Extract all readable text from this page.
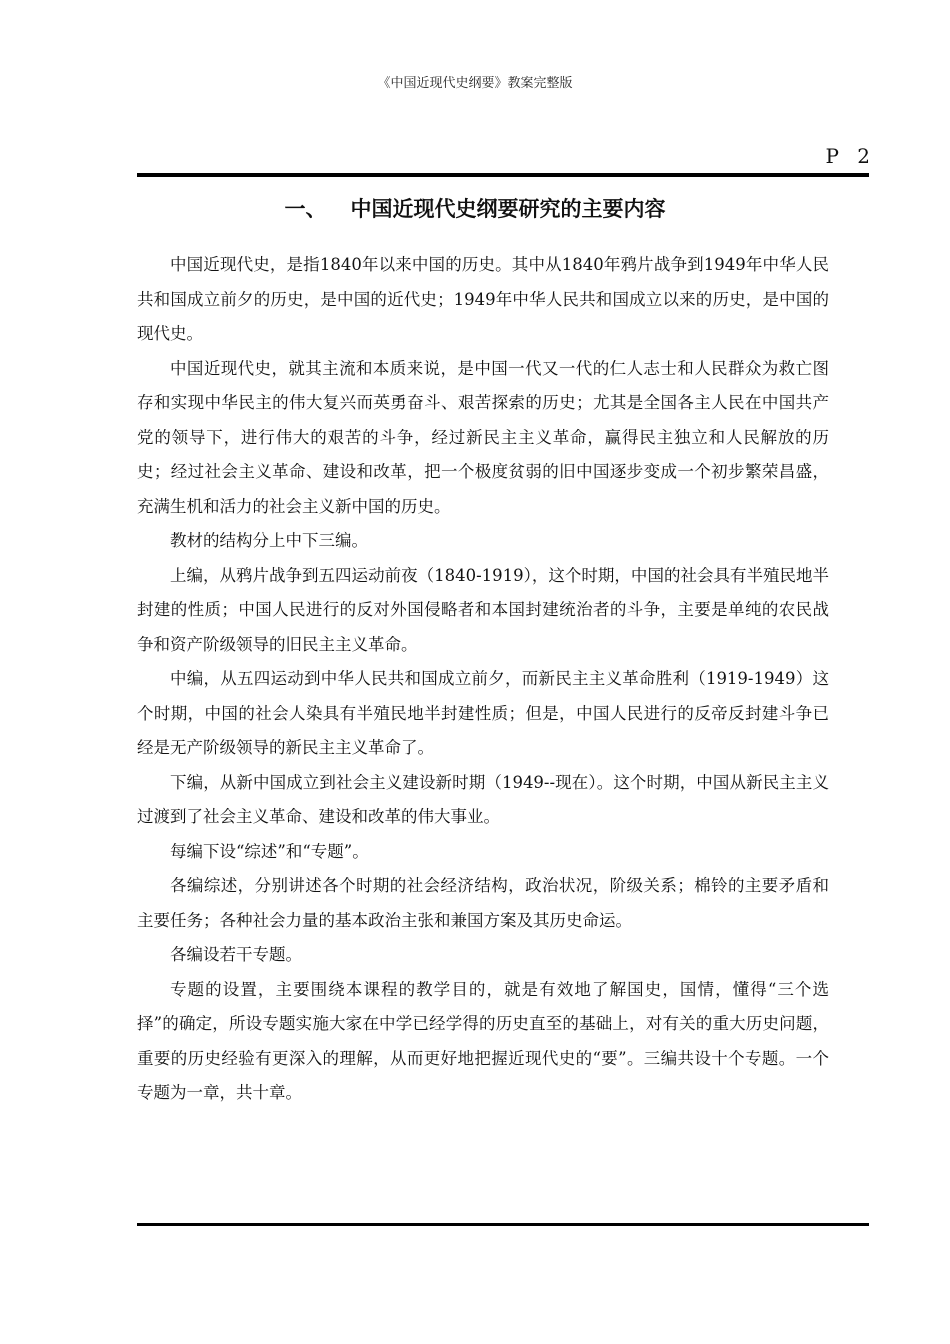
《中国近现代史纲要》教案完整版
P 2
一、 中国近现代史纲要研究的主要内容

中国近现代史，是指1840年以来中国的历史。其中从1840年鸦片战争到1949年中华人民共和国成立前夕的历史，是中国的近代史；1949年中华人民共和国成立以来的历史，是中国的现代史。

中国近现代史，就其主流和本质来说，是中国一代又一代的仁人志士和人民群众为救亡图存和实现中华民主的伟大复兴而英勇奋斗、艰苦探索的历史；尤其是全国各主人民在中国共产党的领导下，进行伟大的艰苦的斗争，经过新民主主义革命，赢得民主独立和人民解放的历史；经过社会主义革命、建设和改革，把一个极度贫弱的旧中国逐步变成一个初步繁荣昌盛，充满生机和活力的社会主义新中国的历史。

教材的结构分上中下三编。

上编，从鸦片战争到五四运动前夜（1840-1919），这个时期，中国的社会具有半殖民地半封建的性质；中国人民进行的反对外国侵略者和本国封建统治者的斗争，主要是单纯的农民战争和资产阶级领导的旧民主主义革命。

中编，从五四运动到中华人民共和国成立前夕，而新民主主义革命胜利（1919-1949）这个时期，中国的社会人染具有半殖民地半封建性质；但是，中国人民进行的反帝反封建斗争已经是无产阶级领导的新民主主义革命了。

下编，从新中国成立到社会主义建设新时期（1949--现在）。这个时期，中国从新民主主义过渡到了社会主义革命、建设和改革的伟大事业。

每编下设“综述”和“专题”。

各编综述，分别讲述各个时期的社会经济结构，政治状况，阶级关系；棉铃的主要矛盾和主要任务；各种社会力量的基本政治主张和兼国方案及其历史命运。

各编设若干专题。

专题的设置，主要围绕本课程的教学目的，就是有效地了解国史，国情，懂得“三个选择”的确定，所设专题实施大家在中学已经学得的历史直至的基础上，对有关的重大历史问题，重要的历史经验有更深入的理解，从而更好地把握近现代史的“要”。三编共设十个专题。一个专题为一章，共十章。
